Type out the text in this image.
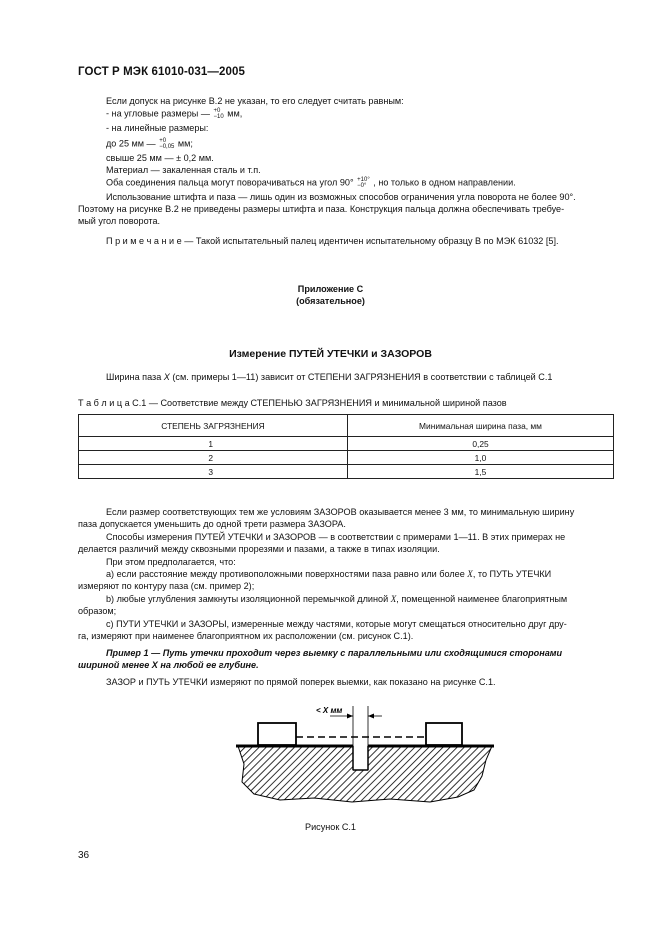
ГОСТ Р МЭК 61010-031—2005
Если допуск на рисунке В.2 не указан, то его следует считать равным:
- на угловые размеры — +0
−10 мм,
- на линейные размеры:
до 25 мм — +0
−0,05 мм;
свыше 25 мм — ± 0,2 мм.
Материал — закаленная сталь и т.п.
Оба соединения пальца могут поворачиваться на угол 90° +10°
−0° , но только в одном направлении.
Использование штифта и паза — лишь один из возможных способов ограничения угла поворота не более 90°.
Поэтому на рисунке В.2 не приведены размеры штифта и паза. Конструкция пальца должна обеспечивать требуе-
мый угол поворота.
П р и м е ч а н и е — Такой испытательный палец идентичен испытательному образцу В по МЭК 61032 [5].
Приложение С
(обязательное)
Измерение ПУТЕЙ УТЕЧКИ и ЗАЗОРОВ
Ширина паза X (см. примеры 1—11) зависит от СТЕПЕНИ ЗАГРЯЗНЕНИЯ в соответствии с таблицей С.1
Т а б л и ц а С.1 — Соответствие между СТЕПЕНЬЮ ЗАГРЯЗНЕНИЯ и минимальной шириной пазов
СТЕПЕНЬ ЗАГРЯЗНЕНИЯ	Минимальная ширина паза, мм
1	0,25
2	1,0
3	1,5
Если размер соответствующих тем же условиям ЗАЗОРОВ оказывается менее 3 мм, то минимальную ширину
паза допускается уменьшить до одной трети размера ЗАЗОРА.
Способы измерения ПУТЕЙ УТЕЧКИ и ЗАЗОРОВ — в соответствии с примерами 1—11. В этих примерах не
делается различий между сквозными прорезями и пазами, а также в типах изоляции.
При этом предполагается, что:
а) если расстояние между противоположными поверхностями паза равно или более X, то ПУТЬ УТЕЧКИ
измеряют по контуру паза (см. пример 2);
b) любые углубления замкнуты изоляционной перемычкой длиной X, помещенной наименее благоприятным
образом;
с) ПУТИ УТЕЧКИ и ЗАЗОРЫ, измеренные между частями, которые могут смещаться относительно друг дру-
га, измеряют при наименее благоприятном их расположении (см. рисунок С.1).
Пример 1 — Путь утечки проходит через выемку с параллельными или сходящимися сторонами
шириной менее X на любой ее глубине.
ЗАЗОР и ПУТЬ УТЕЧКИ измеряют по прямой поперек выемки, как показано на рисунке С.1.
< X мм
Рисунок С.1
36
